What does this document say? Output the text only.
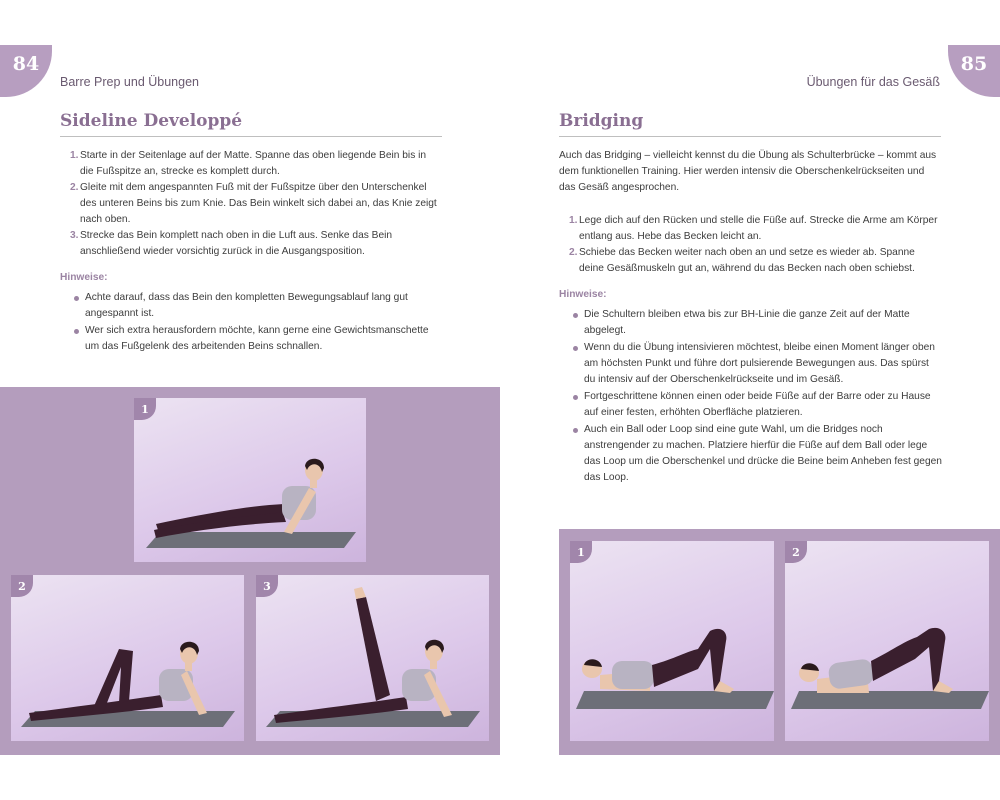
84
Barre Prep und Übungen
Sideline Developpé
1. Starte in der Seitenlage auf der Matte. Spanne das oben liegende Bein bis in die Fußspitze an, strecke es komplett durch.
2. Gleite mit dem angespannten Fuß mit der Fußspitze über den Unterschenkel des unteren Beins bis zum Knie. Das Bein winkelt sich dabei an, das Knie zeigt nach oben.
3. Strecke das Bein komplett nach oben in die Luft aus. Senke das Bein anschließend wieder vorsichtig zurück in die Ausgangsposition.
Hinweise:
Achte darauf, dass das Bein den kompletten Bewegungsablauf lang gut angespannt ist.
Wer sich extra herausfordern möchte, kann gerne eine Gewichtsmanschette um das Fußgelenk des arbeitenden Beins schnallen.
1
2	3
85
Übungen für das Gesäß
Bridging
Auch das Bridging – vielleicht kennst du die Übung als Schulterbrücke – kommt aus dem funktionellen Training. Hier werden intensiv die Oberschenkelrückseiten und das Gesäß angesprochen.
1. Lege dich auf den Rücken und stelle die Füße auf. Strecke die Arme am Körper entlang aus. Hebe das Becken leicht an.
2. Schiebe das Becken weiter nach oben an und setze es wieder ab. Spanne deine Gesäßmuskeln gut an, während du das Becken nach oben schiebst.
Hinweise:
Die Schultern bleiben etwa bis zur BH-Linie die ganze Zeit auf der Matte abgelegt.
Wenn du die Übung intensivieren möchtest, bleibe einen Moment länger oben am höchsten Punkt und führe dort pulsierende Bewegungen aus. Das spürst du intensiv auf der Oberschenkelrückseite und im Gesäß.
Fortgeschrittene können einen oder beide Füße auf der Barre oder zu Hause auf einer festen, erhöhten Oberfläche platzieren.
Auch ein Ball oder Loop sind eine gute Wahl, um die Bridges noch anstrengender zu machen. Platziere hierfür die Füße auf dem Ball oder lege das Loop um die Oberschenkel und drücke die Beine beim Anheben fest gegen das Loop.
1	2
